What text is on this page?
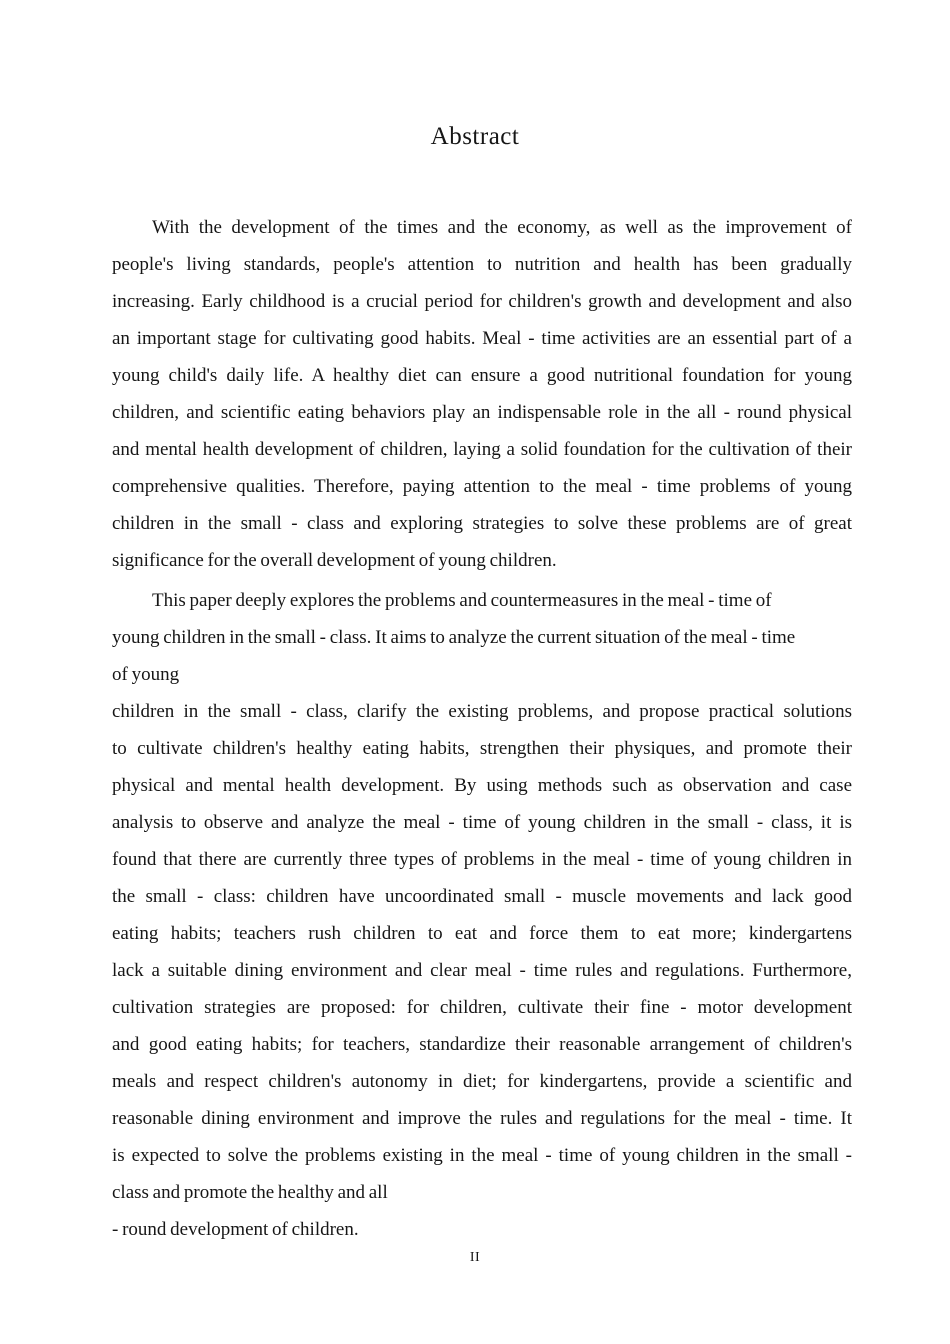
Abstract
With the development of the times and the economy, as well as the improvement of
people's living standards, people's attention to nutrition and health has been gradually
increasing. Early childhood is a crucial period for children's growth and development and also
an important stage for cultivating good habits. Meal - time activities are an essential part of a
young child's daily life. A healthy diet can ensure a good nutritional foundation for young
children, and scientific eating behaviors play an indispensable role in the all - round physical
and mental health development of children, laying a solid foundation for the cultivation of their
comprehensive qualities. Therefore, paying attention to the meal - time problems of young
children in the small - class and exploring strategies to solve these problems are of great
significance for the overall development of young children.
This paper deeply explores the problems and countermeasures in the meal - time of
young children in the small - class. It aims to analyze the current situation of the meal - time
of young
children in the small - class, clarify the existing problems, and propose practical solutions
to cultivate children's healthy eating habits, strengthen their physiques, and promote their
physical and mental health development. By using methods such as observation and case
analysis to observe and analyze the meal - time of young children in the small - class, it is
found that there are currently three types of problems in the meal - time of young children in
the small - class: children have uncoordinated small - muscle movements and lack good
eating habits; teachers rush children to eat and force them to eat more; kindergartens
lack a suitable dining environment and clear meal - time rules and regulations. Furthermore,
cultivation strategies are proposed: for children, cultivate their fine - motor development
and good eating habits; for teachers, standardize their reasonable arrangement of children's
meals and respect children's autonomy in diet; for kindergartens, provide a scientific and
reasonable dining environment and improve the rules and regulations for the meal - time. It
is expected to solve the problems existing in the meal - time of young children in the small -
class and promote the healthy and all
- round development of children.
II
